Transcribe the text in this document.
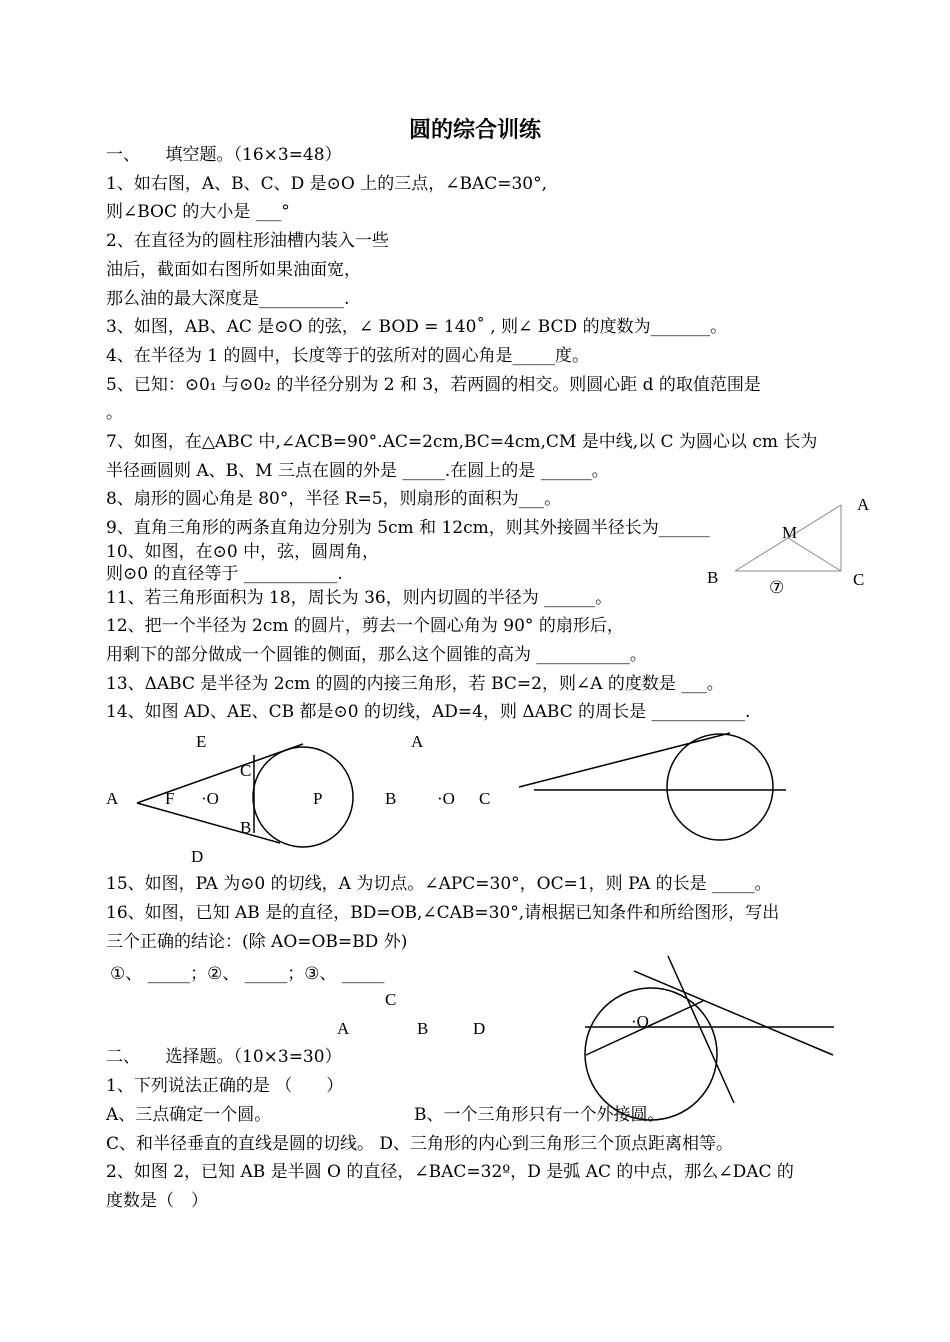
圆的综合训练
一、　　填空题。（16×3=48）
1、如右图，A、B、C、D 是⊙O 上的三点，∠BAC=30°,
则∠BOC 的大小是 ___°
2、在直径为的圆柱形油槽内装入一些
油后，截面如右图所如果油面宽，
那么油的最大深度是__________.
3、如图，AB、AC 是⊙O 的弦，∠ BOD = 140˚ , 则∠ BCD 的度数为_______。
4、在半径为 1 的圆中，长度等于的弦所对的圆心角是_____度。
5、已知：⊙0₁ 与⊙0₂ 的半径分别为 2 和 3，若两圆的相交。则圆心距 d 的取值范围是
。
7、如图，在△ABC 中,∠ACB=90°.AC=2cm,BC=4cm,CM 是中线,以 C 为圆心以 cm 长为
半径画圆则 A、B、M 三点在圆的外是 _____.在圆上的是 ______。
8、扇形的圆心角是 80°，半径 R=5，则扇形的面积为___。
9、直角三角形的两条直角边分别为 5cm 和 12cm，则其外接圆半径长为______
10、如图，在⊙0 中，弦，圆周角，
则⊙0 的直径等于 ___________.
11、若三角形面积为 18，周长为 36，则内切圆的半径为 ______。
12、把一个半径为 2cm 的圆片，剪去一个圆心角为 90° 的扇形后，
用剩下的部分做成一个圆锥的侧面，那么这个圆锥的高为 ___________。
13、ΔABC 是半径为 2cm 的圆的内接三角形，若 BC=2，则∠A 的度数是 ___。
14、如图 AD、AE、CB 都是⊙0 的切线，AD=4，则 ΔABC 的周长是 ___________.
15、如图，PA 为⊙0 的切线，A 为切点。∠APC=30°，OC=1，则 PA 的长是 _____。
16、如图，已知 AB 是的直径，BD=OB,∠CAB=30°,请根据已知条件和所给图形，写出
三个正确的结论：(除 AO=OB=BD 外)
①、 _____；②、 _____；③、 _____
二、　　选择题。（10×3=30）
1、下列说法正确的是 （　　）
A、三点确定一个圆。	B、一个三角形只有一个外接圆。
C、和半径垂直的直线是圆的切线。 D、三角形的内心到三角形三个顶点距离相等。
2、如图 2，已知 AB 是半圆 O 的直径，∠BAC=32º，D 是弧 AC 的中点，那么∠DAC 的
度数是（　）
A
M
B	C
⑦
E
C
A	F ·O	P
B
D
A
B ·O C
C
A	B	D	·O
